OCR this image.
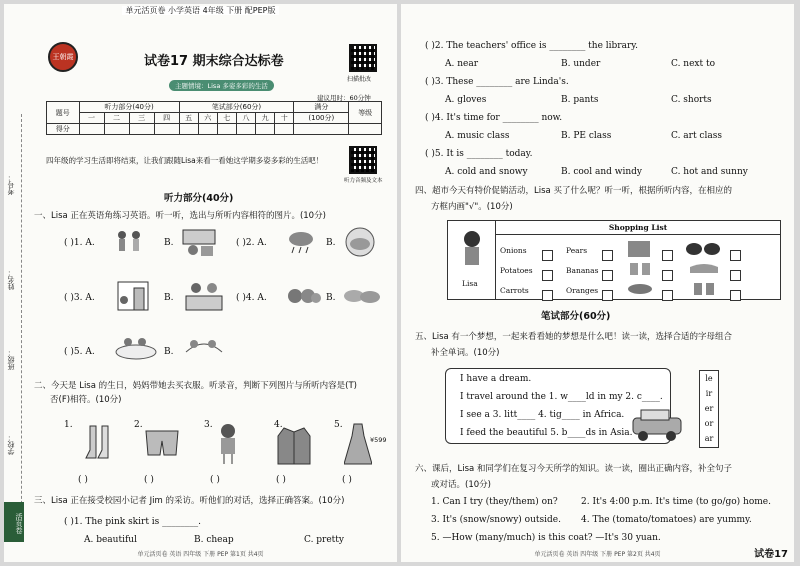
单元活页卷 小学英语 4年级 下册 配PEP版
考号：
姓名：
班级：
学校：
活页卷
王朝霞	试卷17 期末综合达标卷
主题情境：Lisa 多姿多彩的生活
扫描批改
建议用时：60分钟
题号	听力部分(40分)				笔试部分(60分)						满分	等级
	一	二	三	四	五	六	七	八	九	十	(100分)	
得分												
四年级的学习生活即将结束，让我们跟随Lisa来看一看她这学期多姿多彩的生活吧！
听力音频及文本
听力部分(40分)
一、Lisa 正在英语角练习英语。听一听，选出与所听内容相符的图片。(10分)
( )1. A.	B.	( )2. A.	B.
( )3. A.	B.	( )4. A.	B.
( )5. A.	B.
二、今天是 Lisa 的生日，妈妈带她去买衣服。听录音，判断下列图片与所听内容是(T)
否(F)相符。(10分)
1.	2.	3.	4.	5.
¥599
( )	( )	( )	( )	( )
三、Lisa 正在接受校园小记者 Jim 的采访。听他们的对话，选择正确答案。(10分)
( )1. The pink skirt is ________.
A. beautiful	B. cheap	C. pretty
单元活页卷 英语 四年级 下册 PEP 第1页 共4页
( )2. The teachers' office is ________ the library.
A. near	B. under	C. next to
( )3. These ________ are Linda's.
A. gloves	B. pants	C. shorts
( )4. It's time for ________ now.
A. music class	B. PE class	C. art class
( )5. It is ________ today.
A. cold and snowy	B. cool and windy	C. hot and sunny
四、超市今天有特价促销活动，Lisa 买了什么呢？听一听，根据所听内容，在相应的
方框内画"√"。(10分)
Lisa
Shopping List
Onions
Potatoes
Carrots
Pears
Bananas
Oranges
笔试部分(60分)
五、Lisa 有一个梦想，一起来看看她的梦想是什么吧！读一读，选择合适的字母组合
补全单词。(10分)
I have a dream.
I travel around the 1. w____ld in my 2. c____.
I see a 3. litt____ 4. tig____ in Africa.
I feed the beautiful 5. b____ds in Asia.
le
ir
er
or
ar
六、课后，Lisa 和同学们在复习今天所学的知识。读一读，圈出正确内容，补全句子
或对话。(10分)
1. Can I try (they/them) on?	2. It's 4:00 p.m. It's time (to go/go) home.
3. It's (snow/snowy) outside. 4. The (tomato/tomatoes) are yummy.
5. —How (many/much) is this coat? —It's 30 yuan.
单元活页卷 英语 四年级 下册 PEP 第2页 共4页	试卷17
